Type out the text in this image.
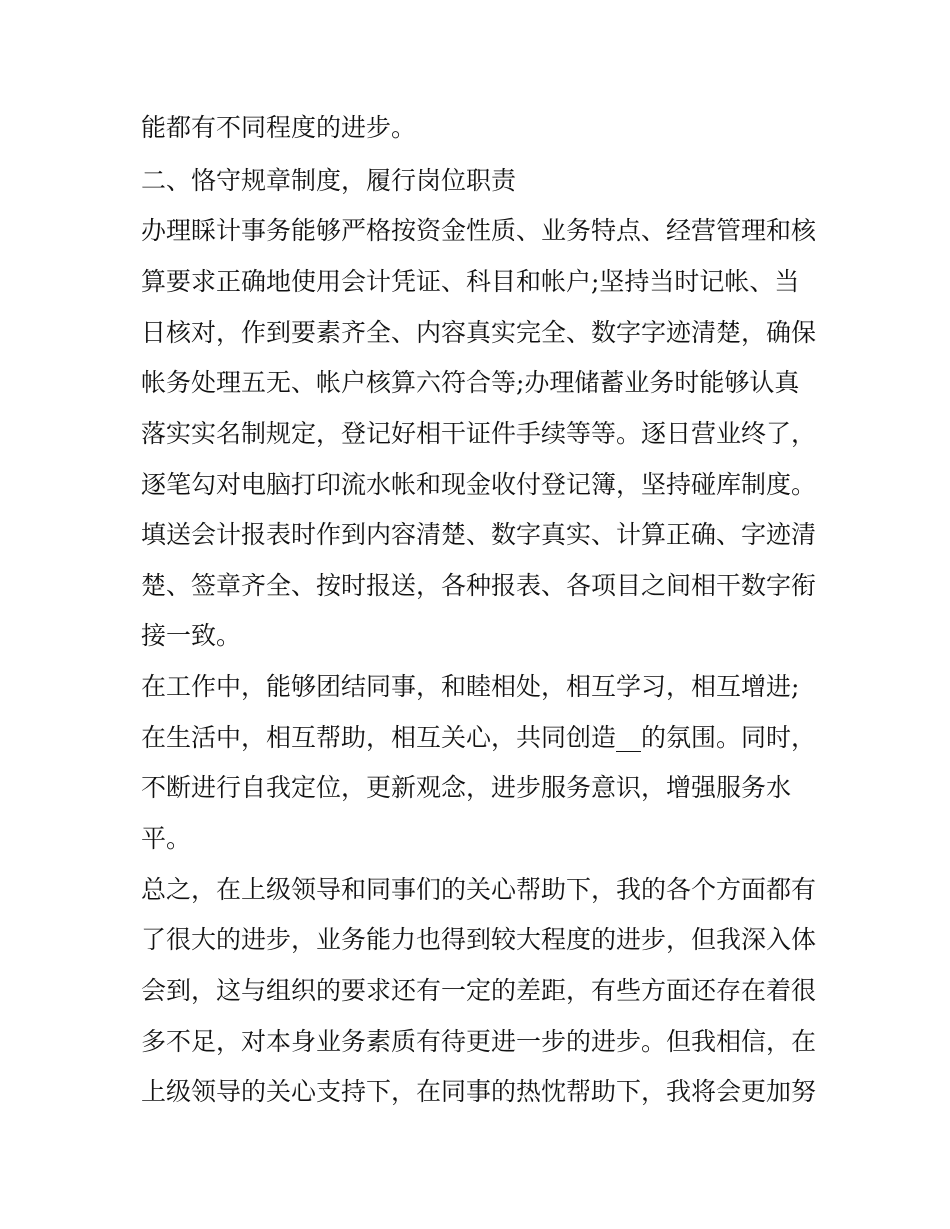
能都有不同程度的进步。
二、恪守规章制度，履行岗位职责
办理睬计事务能够严格按资金性质、业务特点、经营管理和核
算要求正确地使用会计凭证、科目和帐户;坚持当时记帐、当
日核对，作到要素齐全、内容真实完全、数字字迹清楚，确保
帐务处理五无、帐户核算六符合等;办理储蓄业务时能够认真
落实实名制规定，登记好相干证件手续等等。逐日营业终了，
逐笔勾对电脑打印流水帐和现金收付登记簿，坚持碰库制度。
填送会计报表时作到内容清楚、数字真实、计算正确、字迹清
楚、签章齐全、按时报送，各种报表、各项目之间相干数字衔
接一致。
在工作中，能够团结同事，和睦相处，相互学习，相互增进;
在生活中，相互帮助，相互关心，共同创造__的氛围。同时，
不断进行自我定位，更新观念，进步服务意识，增强服务水
平。
总之，在上级领导和同事们的关心帮助下，我的各个方面都有
了很大的进步，业务能力也得到较大程度的进步，但我深入体
会到，这与组织的要求还有一定的差距，有些方面还存在着很
多不足，对本身业务素质有待更进一步的进步。但我相信，在
上级领导的关心支持下，在同事的热忱帮助下，我将会更加努
